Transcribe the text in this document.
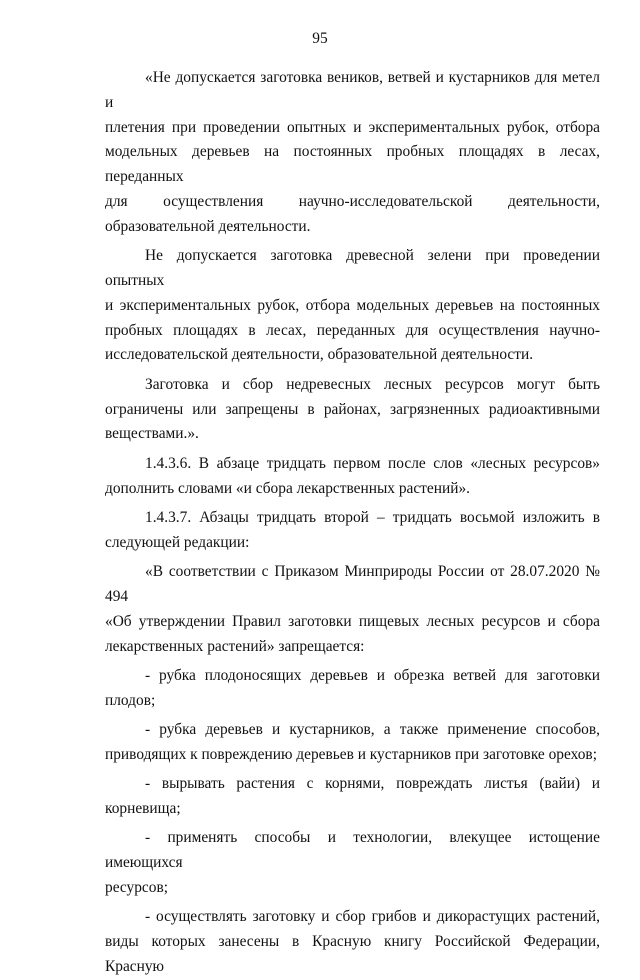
95
«Не допускается заготовка веников, ветвей и кустарников для метел и
плетения при проведении опытных и экспериментальных рубок, отбора
модельных деревьев на постоянных пробных площадях в лесах, переданных
для осуществления научно-исследовательской деятельности,
образовательной деятельности.
Не допускается заготовка древесной зелени при проведении опытных
и экспериментальных рубок, отбора модельных деревьев на постоянных
пробных площадях в лесах, переданных для осуществления научно-
исследовательской деятельности, образовательной деятельности.
Заготовка и сбор недревесных лесных ресурсов могут быть
ограничены или запрещены в районах, загрязненных радиоактивными
веществами.».
1.4.3.6. В абзаце тридцать первом после слов «лесных ресурсов»
дополнить словами «и сбора лекарственных растений».
1.4.3.7. Абзацы тридцать второй – тридцать восьмой изложить в
следующей редакции:
«В соответствии с Приказом Минприроды России от 28.07.2020 № 494
«Об утверждении Правил заготовки пищевых лесных ресурсов и сбора
лекарственных растений» запрещается:
- рубка плодоносящих деревьев и обрезка ветвей для заготовки
плодов;
- рубка деревьев и кустарников, а также применение способов,
приводящих к повреждению деревьев и кустарников при заготовке орехов;
- вырывать растения с корнями, повреждать листья (вайи) и
корневища;
- применять способы и технологии, влекущее истощение имеющихся
ресурсов;
- осуществлять заготовку и сбор грибов и дикорастущих растений,
виды которых занесены в Красную книгу Российской Федерации, Красную
